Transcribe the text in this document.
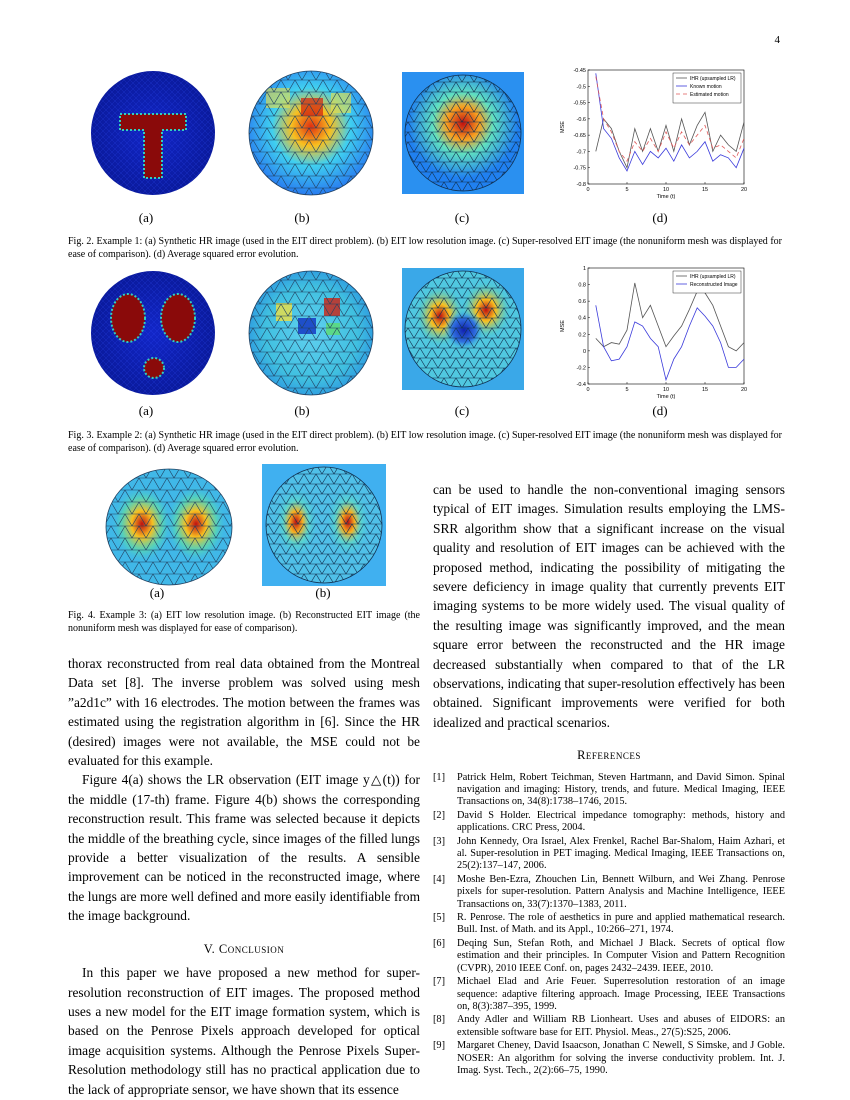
4
0	5	10	15	20
-0.45
-0.5
-0.55
-0.6
-0.65
-0.7
-0.75
-0.8
Time (t)
MSE
IHR (upsampled LR)
Known motion
Estimated motion
(a)	(b)	(c)	(d)
Fig. 2. Example 1: (a) Synthetic HR image (used in the EIT direct problem). (b) EIT low resolution image. (c) Super-resolved EIT image (the nonuniform mesh was displayed for ease of comparison). (d) Average squared error evolution.
0	5	10	15	20
1
0.8
0.6
0.4
0.2
0
-0.2
-0.4
Time (t)
MSE
IHR (upsampled LR)
Reconstructed Image
(a)	(b)	(c)	(d)
Fig. 3. Example 2: (a) Synthetic HR image (used in the EIT direct problem). (b) EIT low resolution image. (c) Super-resolved EIT image (the nonuniform mesh was displayed for ease of comparison). (d) Average squared error evolution.
(a)	(b)
Fig. 4. Example 3: (a) EIT low resolution image. (b) Reconstructed EIT image (the nonuniform mesh was displayed for ease of comparison).

thorax reconstructed from real data obtained from the Montreal Data set [8]. The inverse problem was solved using mesh ”a2d1c” with 16 electrodes. The motion between the frames was estimated using the registration algorithm in [6]. Since the HR (desired) images were not available, the MSE could not be evaluated for this example.

Figure 4(a) shows the LR observation (EIT image y△(t)) for the middle (17-th) frame. Figure 4(b) shows the corresponding reconstruction result. This frame was selected because it depicts the middle of the breathing cycle, since images of the filled lungs provide a better visualization of the results. A sensible improvement can be noticed in the reconstructed image, where the lungs are more well defined and more easily identifiable from the image background.

V. Conclusion

In this paper we have proposed a new method for super-resolution reconstruction of EIT images. The proposed method uses a new model for the EIT image formation system, which is based on the Penrose Pixels approach developed for optical image acquisition systems. Although the Penrose Pixels Super-Resolution methodology still has no practical application due to the lack of appropriate sensor, we have shown that its essence

can be used to handle the non-conventional imaging sensors typical of EIT images. Simulation results employing the LMS-SRR algorithm show that a significant increase on the visual quality and resolution of EIT images can be achieved with the proposed method, indicating the possibility of mitigating the severe deficiency in image quality that currently prevents EIT imaging systems to be more widely used. The visual quality of the resulting image was significantly improved, and the mean square error between the reconstructed and the HR image decreased substantially when compared to that of the LR observations, indicating that super-resolution effectively has been obtained. Significant improvements were verified for both idealized and practical scenarios.

References
[1] Patrick Helm, Robert Teichman, Steven Hartmann, and David Simon. Spinal navigation and imaging: History, trends, and future. Medical Imaging, IEEE Transactions on, 34(8):1738–1746, 2015.
[2] David S Holder. Electrical impedance tomography: methods, history and applications. CRC Press, 2004.
[3] John Kennedy, Ora Israel, Alex Frenkel, Rachel Bar-Shalom, Haim Azhari, et al. Super-resolution in PET imaging. Medical Imaging, IEEE Transactions on, 25(2):137–147, 2006.
[4] Moshe Ben-Ezra, Zhouchen Lin, Bennett Wilburn, and Wei Zhang. Penrose pixels for super-resolution. Pattern Analysis and Machine Intelligence, IEEE Transactions on, 33(7):1370–1383, 2011.
[5] R. Penrose. The role of aesthetics in pure and applied mathematical research. Bull. Inst. of Math. and its Appl., 10:266–271, 1974.
[6] Deqing Sun, Stefan Roth, and Michael J Black. Secrets of optical flow estimation and their principles. In Computer Vision and Pattern Recognition (CVPR), 2010 IEEE Conf. on, pages 2432–2439. IEEE, 2010.
[7] Michael Elad and Arie Feuer. Superresolution restoration of an image sequence: adaptive filtering approach. Image Processing, IEEE Transactions on, 8(3):387–395, 1999.
[8] Andy Adler and William RB Lionheart. Uses and abuses of EIDORS: an extensible software base for EIT. Physiol. Meas., 27(5):S25, 2006.
[9] Margaret Cheney, David Isaacson, Jonathan C Newell, S Simske, and J Goble. NOSER: An algorithm for solving the inverse conductivity problem. Int. J. Imag. Syst. Tech., 2(2):66–75, 1990.
